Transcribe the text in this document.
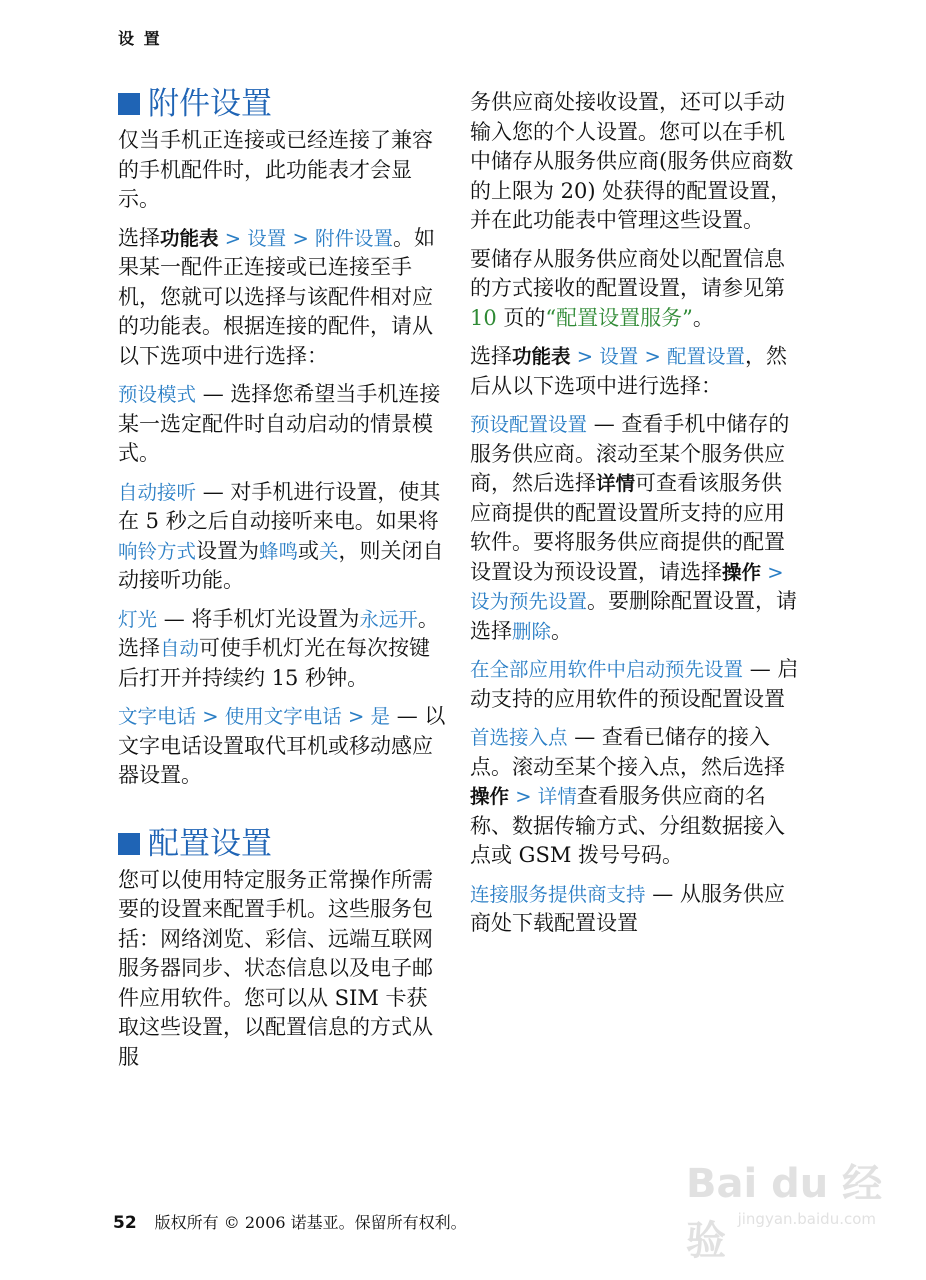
设 置
附件设置

仅当手机正连接或已经连接了兼容的手机配件时，此功能表才会显示。

选择功能表 > 设置 > 附件设置。如果某一配件正连接或已连接至手机，您就可以选择与该配件相对应的功能表。根据连接的配件，请从以下选项中进行选择：

预设模式 — 选择您希望当手机连接某一选定配件时自动启动的情景模式。

自动接听 — 对手机进行设置，使其在 5 秒之后自动接听来电。如果将响铃方式设置为蜂鸣或关，则关闭自动接听功能。

灯光 — 将手机灯光设置为永远开。选择自动可使手机灯光在每次按键后打开并持续约 15 秒钟。

文字电话 > 使用文字电话 > 是 — 以文字电话设置取代耳机或移动感应器设置。

配置设置

您可以使用特定服务正常操作所需要的设置来配置手机。这些服务包括：网络浏览、彩信、远端互联网服务器同步、状态信息以及电子邮件应用软件。您可以从 SIM 卡获取这些设置，以配置信息的方式从服

务供应商处接收设置，还可以手动输入您的个人设置。您可以在手机中储存从服务供应商(服务供应商数的上限为 20) 处获得的配置设置，并在此功能表中管理这些设置。

要储存从服务供应商处以配置信息的方式接收的配置设置，请参见第 10 页的“配置设置服务”。

选择功能表 > 设置 > 配置设置，然后从以下选项中进行选择：

预设配置设置 — 查看手机中储存的服务供应商。滚动至某个服务供应商，然后选择详情可查看该服务供应商提供的配置设置所支持的应用软件。要将服务供应商提供的配置设置设为预设设置，请选择操作 > 设为预先设置。要删除配置设置，请选择删除。

在全部应用软件中启动预先设置 — 启动支持的应用软件的预设配置设置

首选接入点 — 查看已储存的接入点。滚动至某个接入点，然后选择操作 > 详情查看服务供应商的名称、数据传输方式、分组数据接入点或 GSM 拨号号码。

连接服务提供商支持 — 从服务供应商处下载配置设置

52 版权所有 © 2006 诺基亚。保留所有权利。
Bai du 经验 jingyan.baidu.com
